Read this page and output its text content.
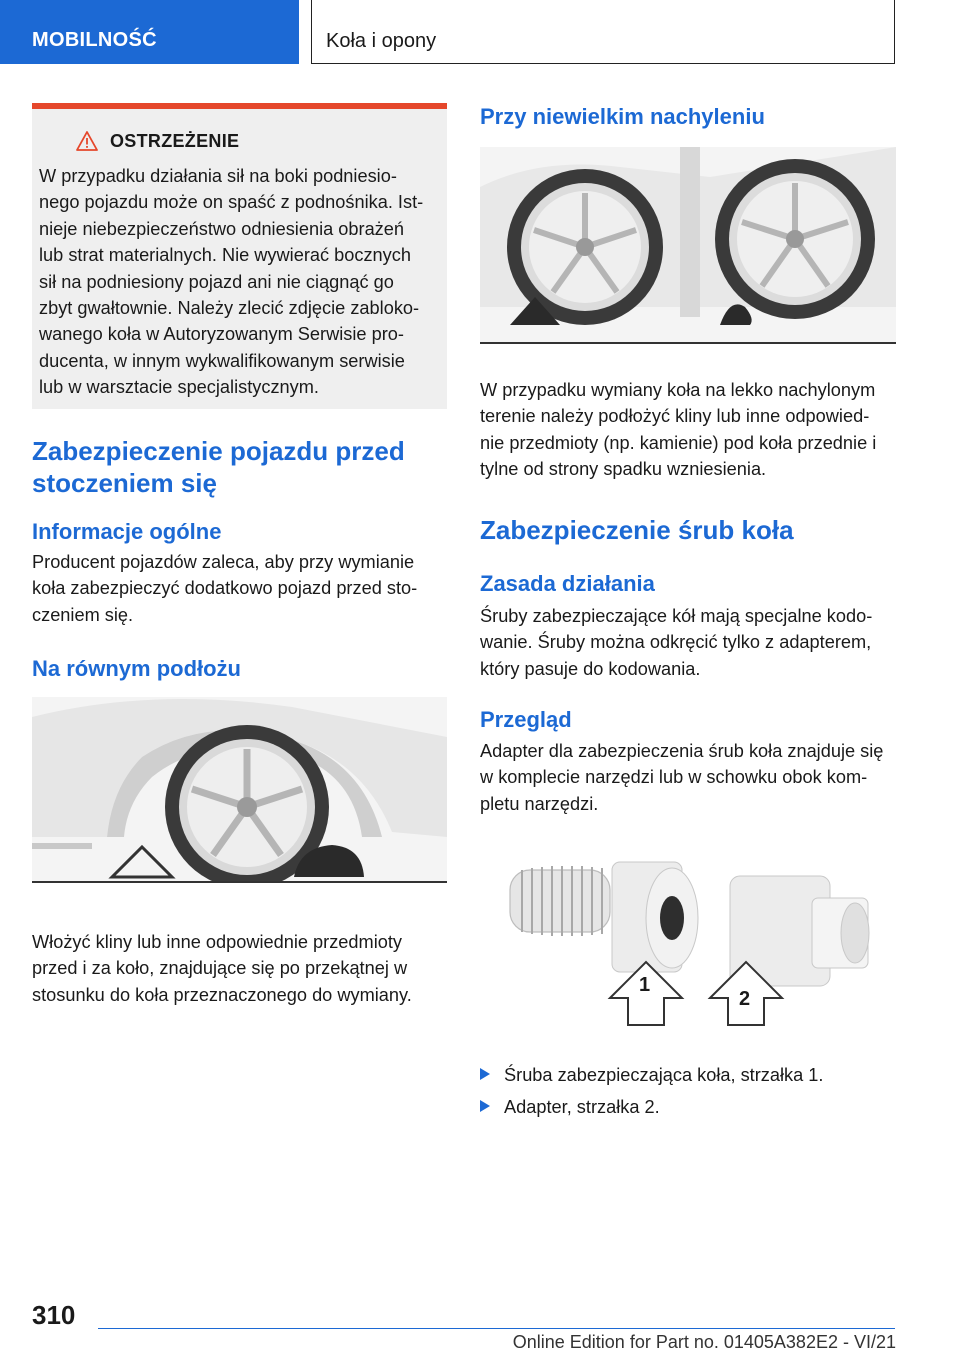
MOBILNOŚĆ	Koła i opony
OSTRZEŻENIE
W przypadku działania sił na boki podniesio-
nego pojazdu może on spaść z podnośnika. Ist-
nieje niebezpieczeństwo odniesienia obrażeń
lub strat materialnych. Nie wywierać bocznych
sił na podniesiony pojazd ani nie ciągnąć go
zbyt gwałtownie. Należy zlecić zdjęcie zabloko-
wanego koła w Autoryzowanym Serwisie pro-
ducenta, w innym wykwalifikowanym serwisie
lub w warsztacie specjalistycznym.
Zabezpieczenie pojazdu przed
stoczeniem się
Informacje ogólne
Producent pojazdów zaleca, aby przy wymianie
koła zabezpieczyć dodatkowo pojazd przed sto-
czeniem się.
Na równym podłożu
Włożyć kliny lub inne odpowiednie przedmioty
przed i za koło, znajdujące się po przekątnej w
stosunku do koła przeznaczonego do wymiany.
Przy niewielkim nachyleniu
W przypadku wymiany koła na lekko nachylonym
terenie należy podłożyć kliny lub inne odpowied-
nie przedmioty (np. kamienie) pod koła przednie i
tylne od strony spadku wzniesienia.
Zabezpieczenie śrub koła
Zasada działania
Śruby zabezpieczające kół mają specjalne kodo-
wanie. Śruby można odkręcić tylko z adapterem,
który pasuje do kodowania.
Przegląd
Adapter dla zabezpieczenia śrub koła znajduje się
w komplecie narzędzi lub w schowku obok kom-
pletu narzędzi.
1
2
Śruba zabezpieczająca koła, strzałka 1.
Adapter, strzałka 2.
310
Online Edition for Part no. 01405A382E2 - VI/21
